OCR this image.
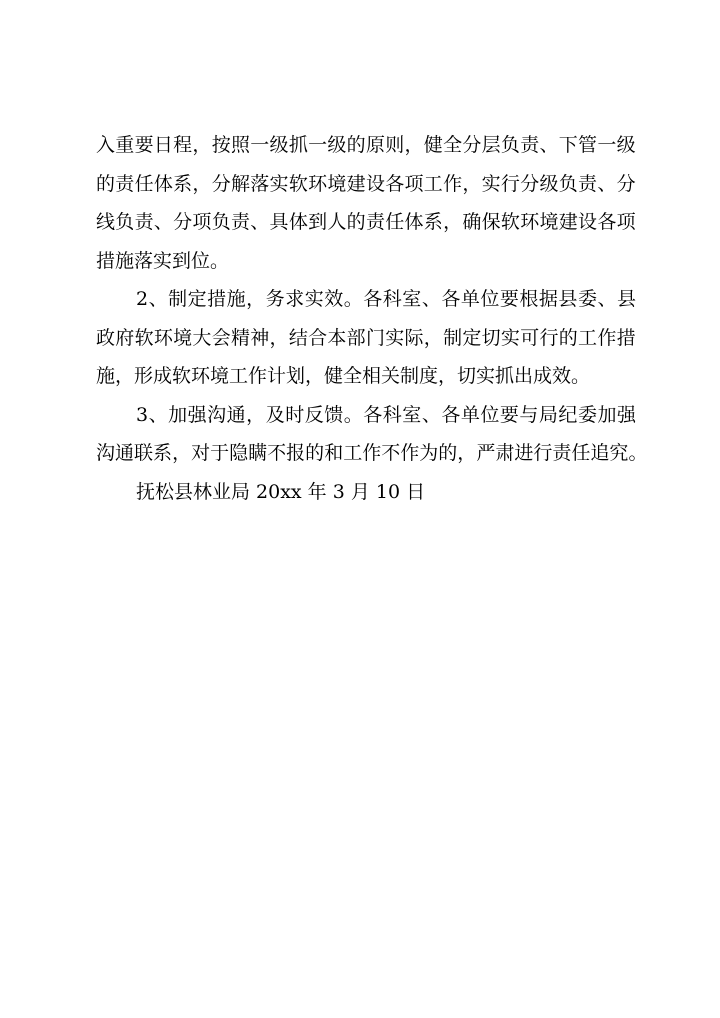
入 重 要 日 程 ， 按 照 一 级 抓 一 级 的 原 则 ， 健 全 分 层 负 责 、 下 管 一 级
的 责 任 体 系 ， 分 解 落 实 软 环 境 建 设 各 项 工 作 ， 实 行 分 级 负 责 、 分
线 负 责 、 分 项 负 责 、 具 体 到 人 的 责 任 体 系 ， 确 保 软 环 境 建 设 各 项
措施落实到位。
2 、 制 定 措 施 ， 务 求 实 效 。 各 科 室 、 各 单 位 要 根 据 县 委 、 县
政 府 软 环 境 大 会 精 神 ， 结 合 本 部 门 实 际 ， 制 定 切 实 可 行 的 工 作 措
施，形成软环境工作计划，健全相关制度，切实抓出成效。
3 、 加 强 沟 通 ， 及 时 反 馈 。 各 科 室 、 各 单 位 要 与 局 纪 委 加 强
沟 通 联 系 ， 对 于 隐 瞒 不 报 的 和 工 作 不 作 为 的 ， 严 肃 进 行 责 任 追 究 。
抚松县林业局 20xx 年 3 月 10 日
